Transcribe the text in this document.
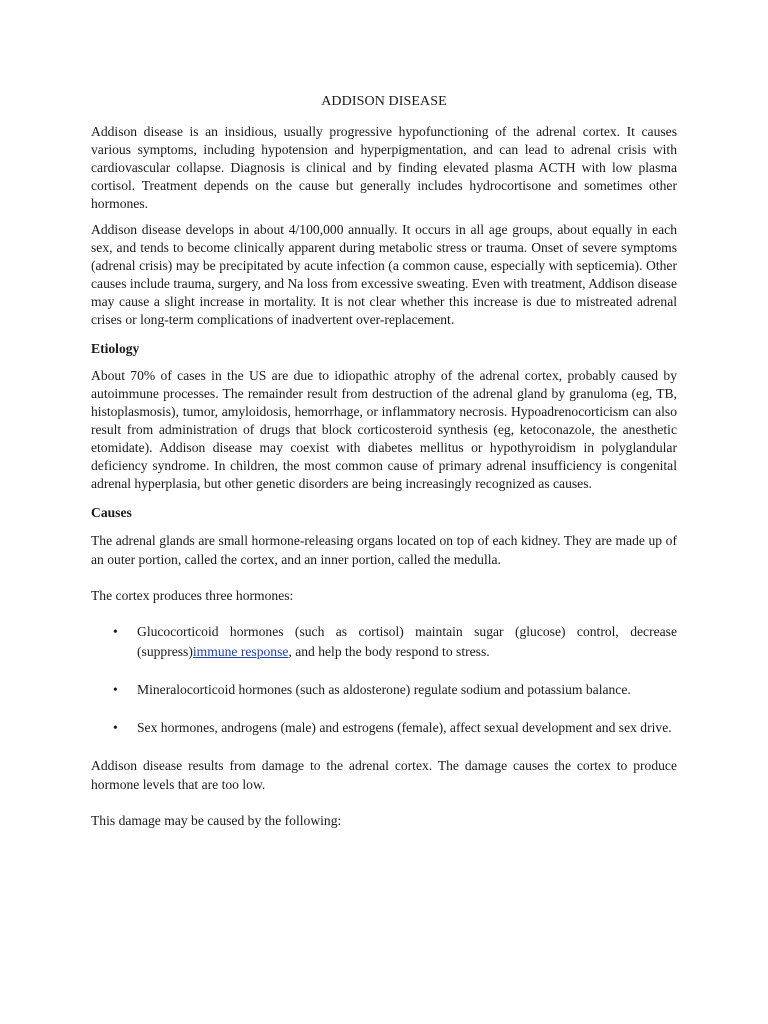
ADDISON DISEASE

Addison disease is an insidious, usually progressive hypofunctioning of the adrenal cortex. It causes various symptoms, including hypotension and hyperpigmentation, and can lead to adrenal crisis with cardiovascular collapse. Diagnosis is clinical and by finding elevated plasma ACTH with low plasma cortisol. Treatment depends on the cause but generally includes hydrocortisone and sometimes other hormones.

Addison disease develops in about 4/100,000 annually. It occurs in all age groups, about equally in each sex, and tends to become clinically apparent during metabolic stress or trauma. Onset of severe symptoms (adrenal crisis) may be precipitated by acute infection (a common cause, especially with septicemia). Other causes include trauma, surgery, and Na loss from excessive sweating. Even with treatment, Addison disease may cause a slight increase in mortality. It is not clear whether this increase is due to mistreated adrenal crises or long-term complications of inadvertent over-replacement.

Etiology

About 70% of cases in the US are due to idiopathic atrophy of the adrenal cortex, probably caused by autoimmune processes. The remainder result from destruction of the adrenal gland by granuloma (eg, TB, histoplasmosis), tumor, amyloidosis, hemorrhage, or inflammatory necrosis. Hypoadrenocorticism can also result from administration of drugs that block corticosteroid synthesis (eg, ketoconazole, the anesthetic etomidate). Addison disease may coexist with diabetes mellitus or hypothyroidism in polyglandular deficiency syndrome. In children, the most common cause of primary adrenal insufficiency is congenital adrenal hyperplasia, but other genetic disorders are being increasingly recognized as causes.

Causes

The adrenal glands are small hormone-releasing organs located on top of each kidney. They are made up of an outer portion, called the cortex, and an inner portion, called the medulla.

The cortex produces three hormones:

• Glucocorticoid hormones (such as cortisol) maintain sugar (glucose) control, decrease (suppress)immune response, and help the body respond to stress.
• Mineralocorticoid hormones (such as aldosterone) regulate sodium and potassium balance.
• Sex hormones, androgens (male) and estrogens (female), affect sexual development and sex drive.

Addison disease results from damage to the adrenal cortex. The damage causes the cortex to produce hormone levels that are too low.

This damage may be caused by the following:
